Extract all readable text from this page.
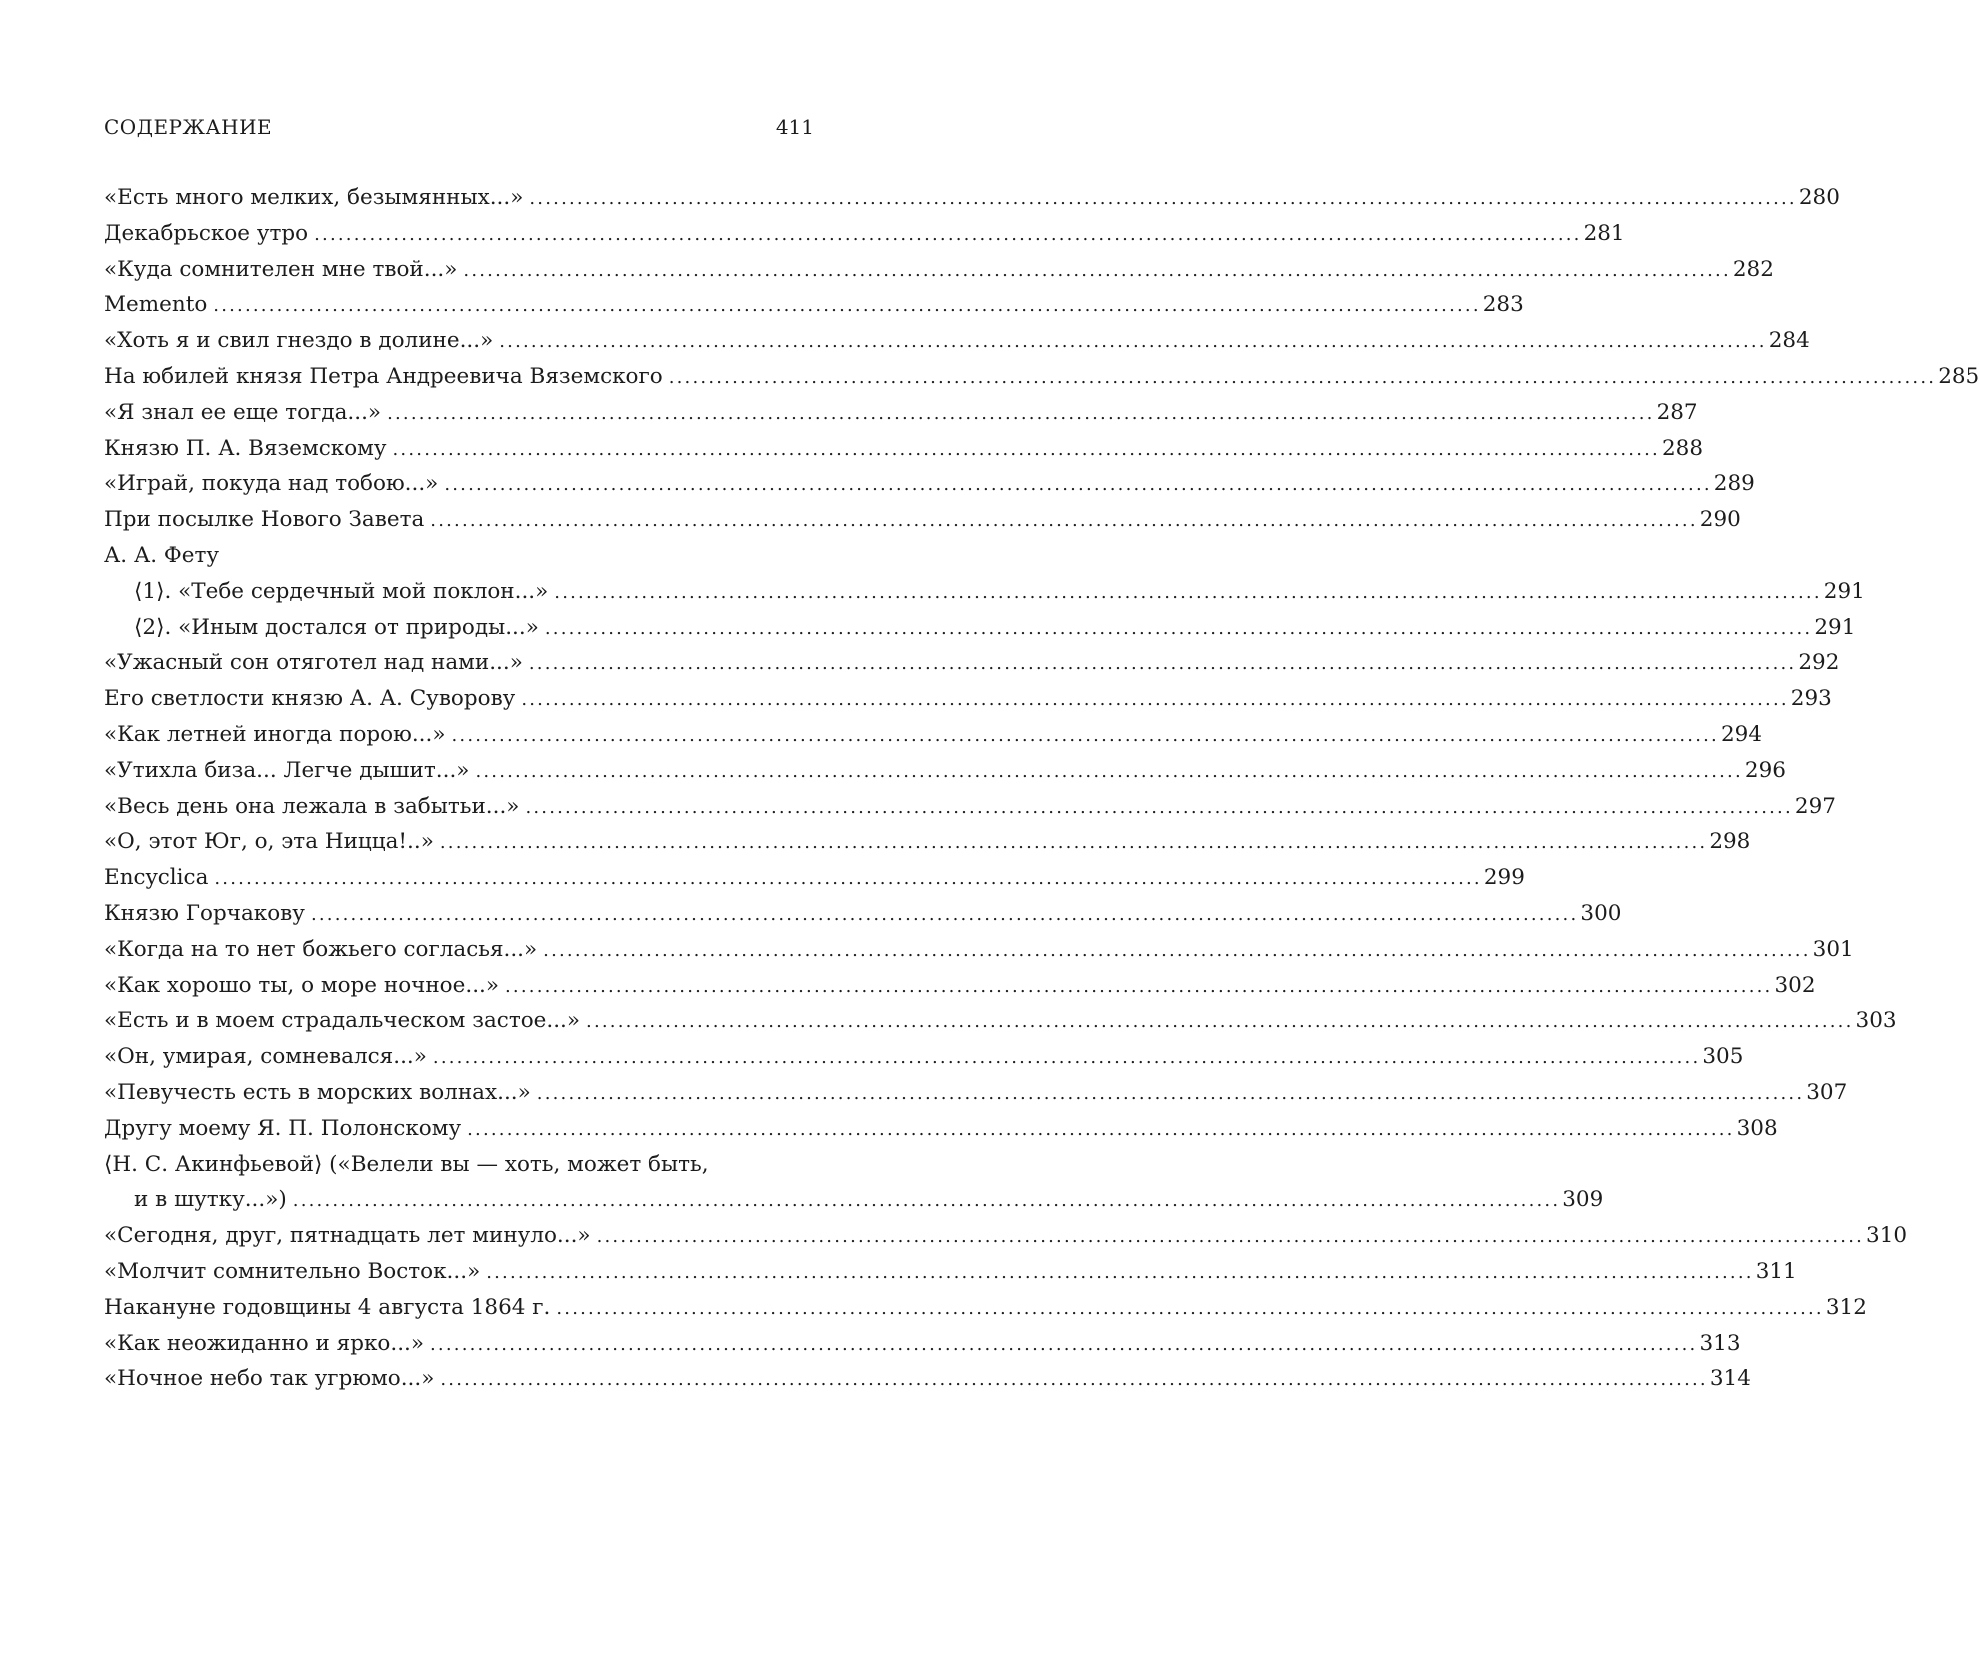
СОДЕРЖАНИЕ	411
«Есть много мелких, безымянных...» ................................................................................................................................................................ 280
Декабрьское утро ................................................................................................................................................................ 281
«Куда сомнителен мне твой...» ................................................................................................................................................................ 282
Memento ................................................................................................................................................................ 283
«Хоть я и свил гнездо в долине...» ................................................................................................................................................................ 284
На юбилей князя Петра Андреевича Вяземского ................................................................................................................................................................ 285
«Я знал ее еще тогда...» ................................................................................................................................................................ 287
Князю П. А. Вяземскому ................................................................................................................................................................ 288
«Играй, покуда над тобою...» ................................................................................................................................................................ 289
При посылке Нового Завета ................................................................................................................................................................ 290
А. А. Фету
⟨1⟩. «Тебе сердечный мой поклон...» ................................................................................................................................................................ 291
⟨2⟩. «Иным достался от природы...» ................................................................................................................................................................ 291
«Ужасный сон отяготел над нами...» ................................................................................................................................................................ 292
Его светлости князю А. А. Суворову ................................................................................................................................................................ 293
«Как летней иногда порою...» ................................................................................................................................................................ 294
«Утихла биза... Легче дышит...» ................................................................................................................................................................ 296
«Весь день она лежала в забытьи...» ................................................................................................................................................................ 297
«О, этот Юг, о, эта Ницца!..» ................................................................................................................................................................ 298
Encyclica ................................................................................................................................................................ 299
Князю Горчакову ................................................................................................................................................................ 300
«Когда на то нет божьего согласья...» ................................................................................................................................................................ 301
«Как хорошо ты, о море ночное...» ................................................................................................................................................................ 302
«Есть и в моем страдальческом застое...» ................................................................................................................................................................ 303
«Он, умирая, сомневался...» ................................................................................................................................................................ 305
«Певучесть есть в морских волнах...» ................................................................................................................................................................ 307
Другу моему Я. П. Полонскому ................................................................................................................................................................ 308
⟨Н. С. Акинфьевой⟩ («Велели вы — хоть, может быть,
и в шутку...») ................................................................................................................................................................ 309
«Сегодня, друг, пятнадцать лет минуло...» ................................................................................................................................................................ 310
«Молчит сомнительно Восток...» ................................................................................................................................................................ 311
Накануне годовщины 4 августа 1864 г. ................................................................................................................................................................ 312
«Как неожиданно и ярко...» ................................................................................................................................................................ 313
«Ночное небо так угрюмо...» ................................................................................................................................................................ 314
